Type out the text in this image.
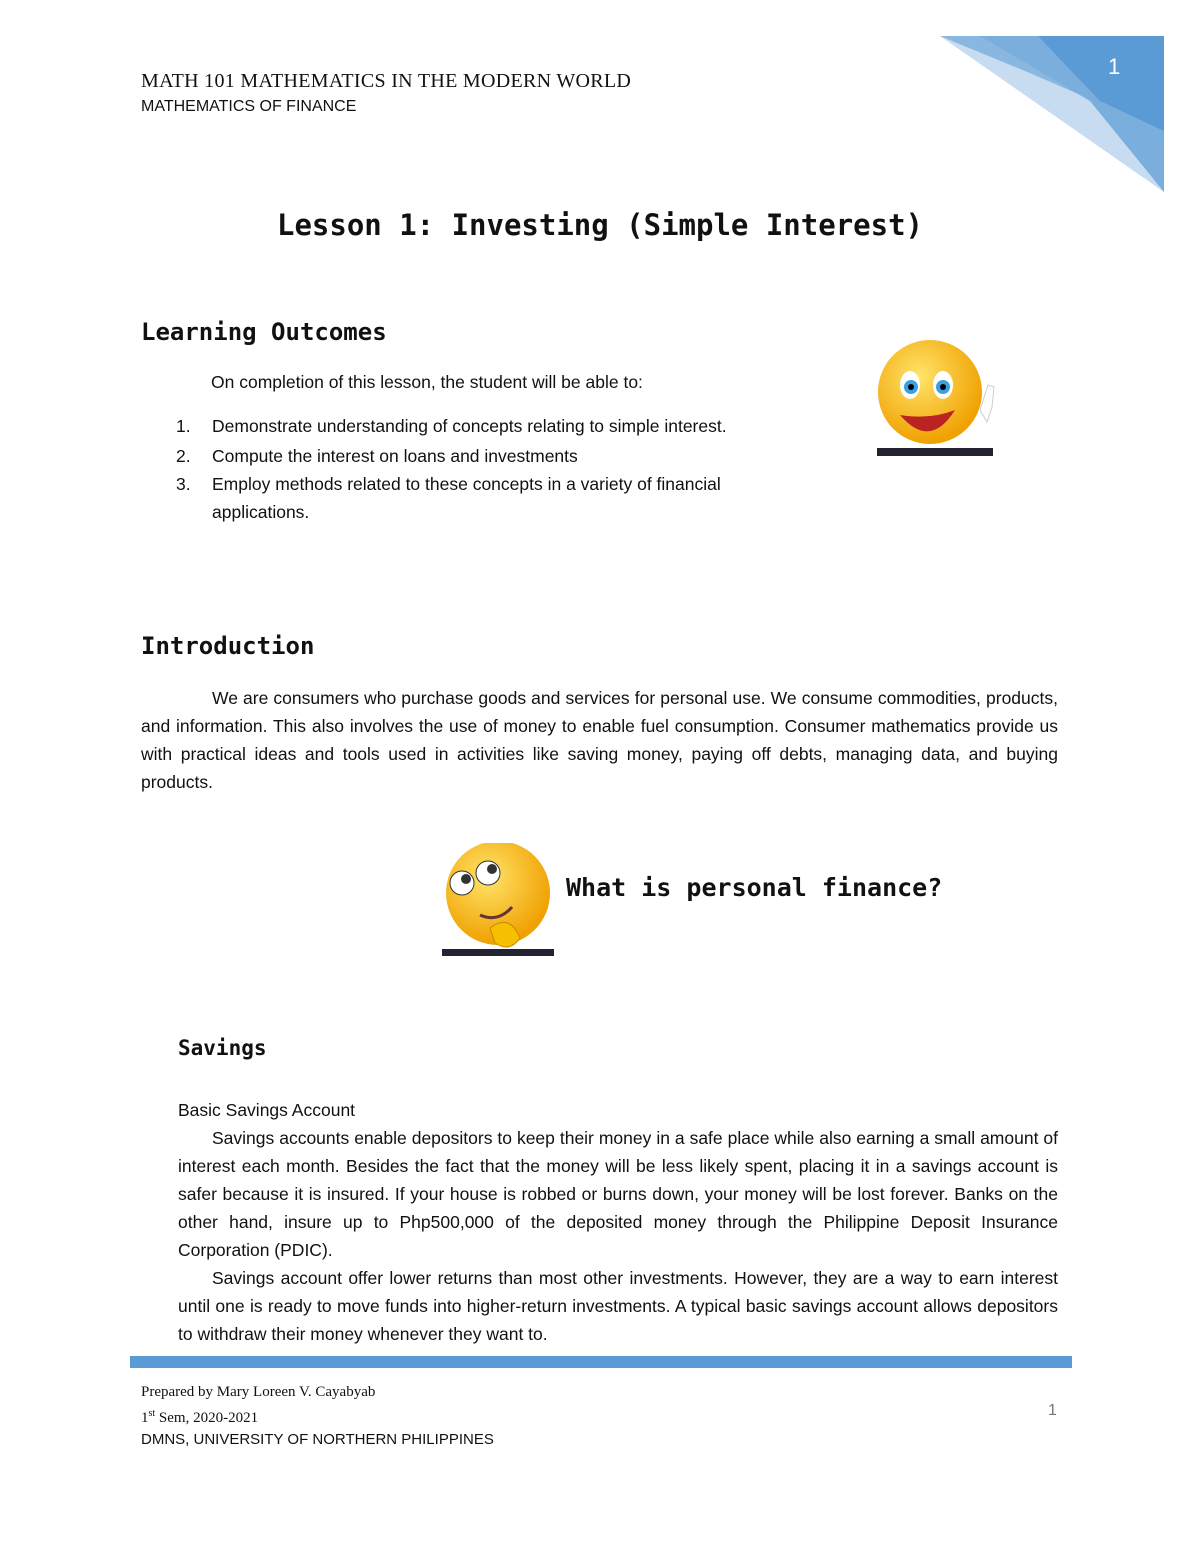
MATH 101 MATHEMATICS IN THE MODERN WORLD
MATHEMATICS OF FINANCE
1
Lesson 1: Investing (Simple Interest)
Learning Outcomes
On completion of this lesson, the student will be able to:
1. Demonstrate understanding of concepts relating to simple interest.
2. Compute the interest on loans and investments
3. Employ methods related to these concepts in a variety of financial applications.
Introduction
We are consumers who purchase goods and services for personal use. We consume commodities, products, and information. This also involves the use of money to enable fuel consumption. Consumer mathematics provide us with practical ideas and tools used in activities like saving money, paying off debts, managing data, and buying products.
What is personal finance?
Savings
Basic Savings Account

Savings accounts enable depositors to keep their money in a safe place while also earning a small amount of interest each month. Besides the fact that the money will be less likely spent, placing it in a savings account is safer because it is insured. If your house is robbed or burns down, your money will be lost forever. Banks on the other hand, insure up to Php500,000 of the deposited money through the Philippine Deposit Insurance Corporation (PDIC).

Savings account offer lower returns than most other investments. However, they are a way to earn interest until one is ready to move funds into higher-return investments. A typical basic savings account allows depositors to withdraw their money whenever they want to.

Prepared by Mary Loreen V. Cayabyab
1st Sem, 2020-2021
DMNS, UNIVERSITY OF NORTHERN PHILIPPINES
1
